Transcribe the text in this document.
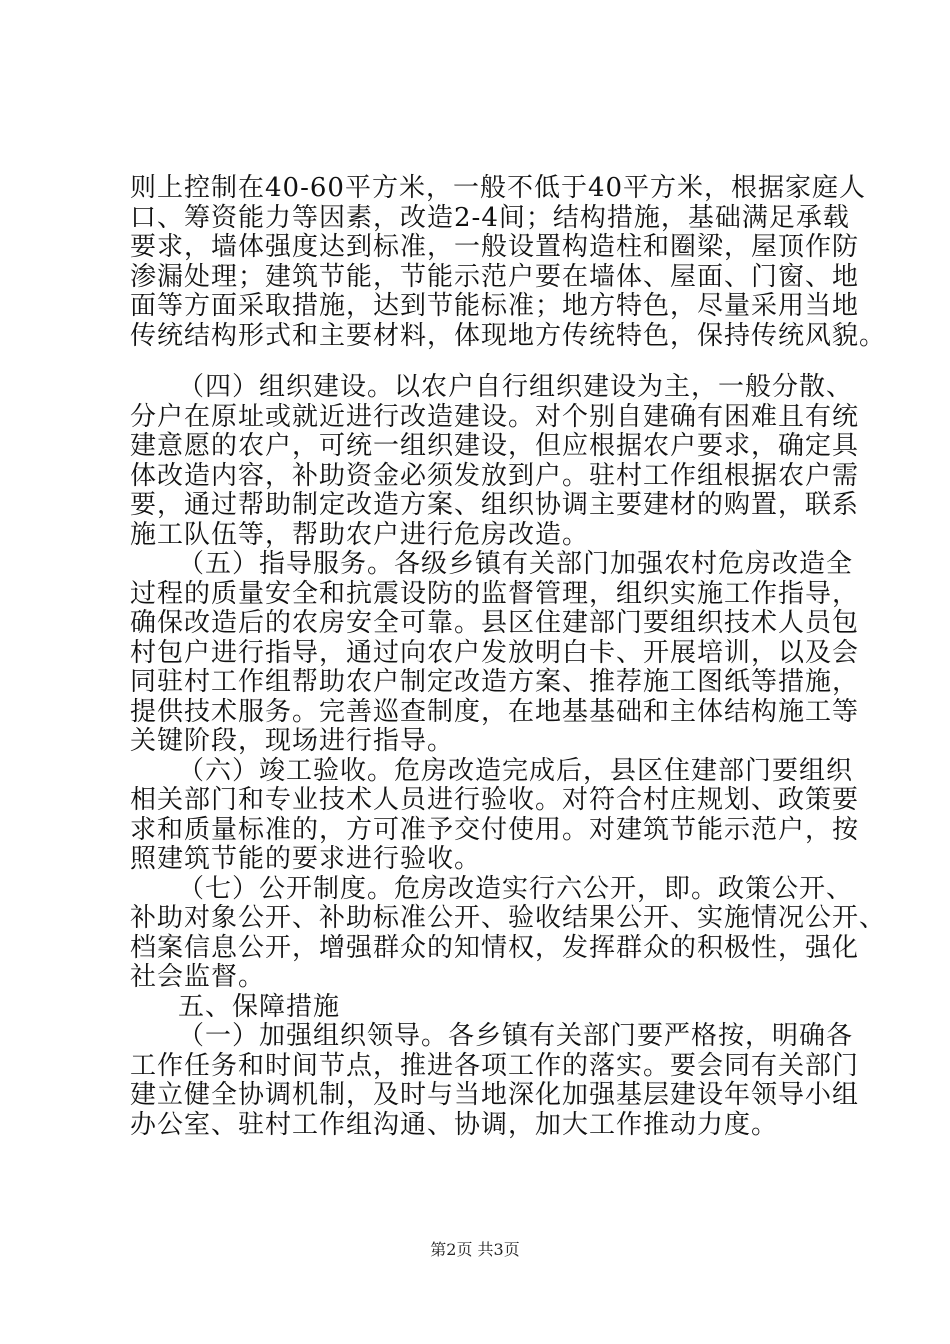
则上控制在40-60平方米，一般不低于40平方米，根据家庭人
口、筹资能力等因素，改造2-4间；结构措施，基础满足承载
要求，墙体强度达到标准，一般设置构造柱和圈梁，屋顶作防
渗漏处理；建筑节能，节能示范户要在墙体、屋面、门窗、地
面等方面采取措施，达到节能标准；地方特色，尽量采用当地
传统结构形式和主要材料，体现地方传统特色，保持传统风貌。
（四）组织建设。以农户自行组织建设为主，一般分散、
分户在原址或就近进行改造建设。对个别自建确有困难且有统
建意愿的农户，可统一组织建设，但应根据农户要求，确定具
体改造内容，补助资金必须发放到户。驻村工作组根据农户需
要，通过帮助制定改造方案、组织协调主要建材的购置，联系
施工队伍等，帮助农户进行危房改造。
（五）指导服务。各级乡镇有关部门加强农村危房改造全
过程的质量安全和抗震设防的监督管理，组织实施工作指导，
确保改造后的农房安全可靠。县区住建部门要组织技术人员包
村包户进行指导，通过向农户发放明白卡、开展培训，以及会
同驻村工作组帮助农户制定改造方案、推荐施工图纸等措施，
提供技术服务。完善巡查制度，在地基基础和主体结构施工等
关键阶段，现场进行指导。
（六）竣工验收。危房改造完成后，县区住建部门要组织
相关部门和专业技术人员进行验收。对符合村庄规划、政策要
求和质量标准的，方可准予交付使用。对建筑节能示范户，按
照建筑节能的要求进行验收。
（七）公开制度。危房改造实行六公开，即。政策公开、
补助对象公开、补助标准公开、验收结果公开、实施情况公开、
档案信息公开，增强群众的知情权，发挥群众的积极性，强化
社会监督。
五、保障措施
（一）加强组织领导。各乡镇有关部门要严格按，明确各
工作任务和时间节点，推进各项工作的落实。要会同有关部门
建立健全协调机制，及时与当地深化加强基层建设年领导小组
办公室、驻村工作组沟通、协调，加大工作推动力度。
第2页 共3页
